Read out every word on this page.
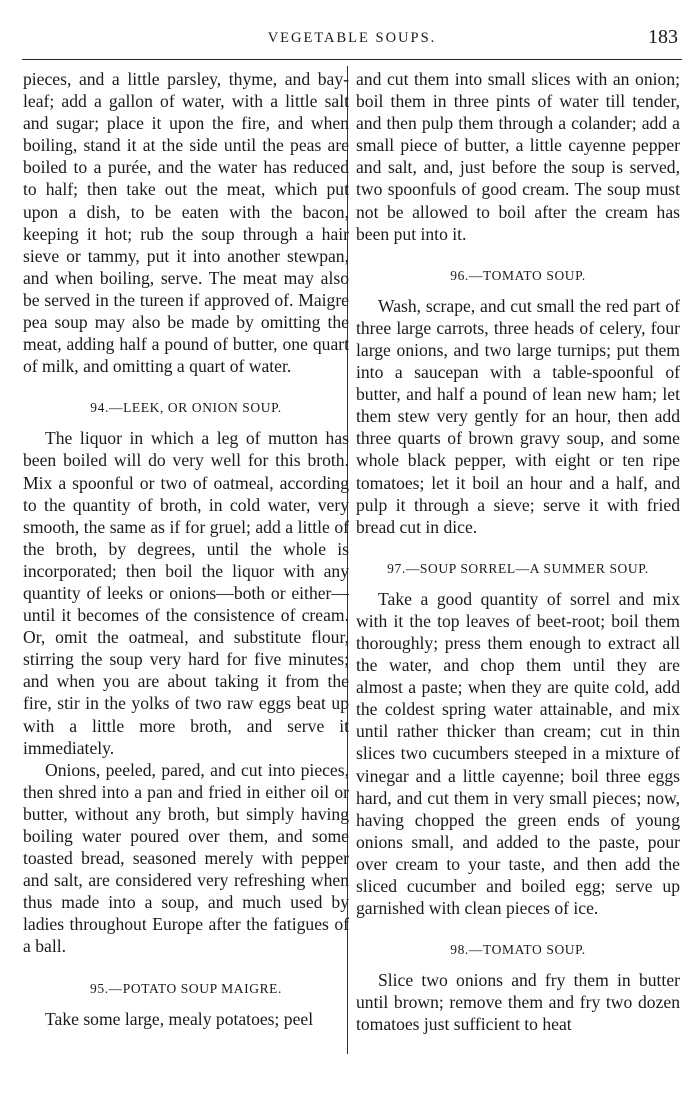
VEGETABLE SOUPS.	183

pieces, and a little parsley, thyme, and bay-leaf; add a gallon of water, with a little salt and sugar; place it upon the fire, and when boiling, stand it at the side until the peas are boiled to a purée, and the water has reduced to half; then take out the meat, which put upon a dish, to be eaten with the bacon, keeping it hot; rub the soup through a hair sieve or tammy, put it into another stewpan, and when boiling, serve. The meat may also be served in the tureen if approved of. Maigre pea soup may also be made by omitting the meat, adding half a pound of butter, one quart of milk, and omitting a quart of water.

94.—LEEK, OR ONION SOUP.

The liquor in which a leg of mutton has been boiled will do very well for this broth. Mix a spoonful or two of oatmeal, according to the quantity of broth, in cold water, very smooth, the same as if for gruel; add a little of the broth, by degrees, until the whole is incorporated; then boil the liquor with any quantity of leeks or onions—both or either—until it becomes of the consistence of cream. Or, omit the oatmeal, and substitute flour, stirring the soup very hard for five minutes; and when you are about taking it from the fire, stir in the yolks of two raw eggs beat up with a little more broth, and serve it immediately.

Onions, peeled, pared, and cut into pieces, then shred into a pan and fried in either oil or butter, without any broth, but simply having boiling water poured over them, and some toasted bread, seasoned merely with pepper and salt, are considered very refreshing when thus made into a soup, and much used by ladies throughout Europe after the fatigues of a ball.

95.—POTATO SOUP MAIGRE.

Take some large, mealy potatoes; peel

and cut them into small slices with an onion; boil them in three pints of water till tender, and then pulp them through a colander; add a small piece of butter, a little cayenne pepper and salt, and, just before the soup is served, two spoonfuls of good cream. The soup must not be allowed to boil after the cream has been put into it.

96.—TOMATO SOUP.

Wash, scrape, and cut small the red part of three large carrots, three heads of celery, four large onions, and two large turnips; put them into a saucepan with a table-spoonful of butter, and half a pound of lean new ham; let them stew very gently for an hour, then add three quarts of brown gravy soup, and some whole black pepper, with eight or ten ripe tomatoes; let it boil an hour and a half, and pulp it through a sieve; serve it with fried bread cut in dice.

97.—SOUP SORREL—A SUMMER SOUP.

Take a good quantity of sorrel and mix with it the top leaves of beet-root; boil them thoroughly; press them enough to extract all the water, and chop them until they are almost a paste; when they are quite cold, add the coldest spring water attainable, and mix until rather thicker than cream; cut in thin slices two cucumbers steeped in a mixture of vinegar and a little cayenne; boil three eggs hard, and cut them in very small pieces; now, having chopped the green ends of young onions small, and added to the paste, pour over cream to your taste, and then add the sliced cucumber and boiled egg; serve up garnished with clean pieces of ice.

98.—TOMATO SOUP.

Slice two onions and fry them in butter until brown; remove them and fry two dozen tomatoes just sufficient to heat
